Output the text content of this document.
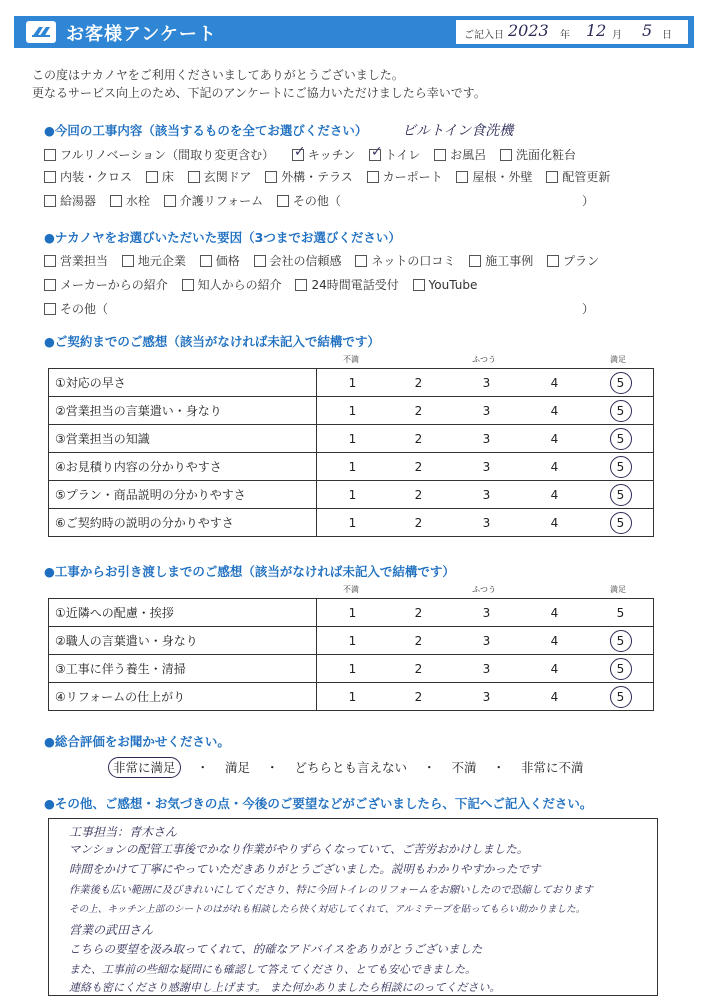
お客様アンケート	ご記入日 2023 年 12 月 5 日
この度はナカノヤをご利用くださいましてありがとうございました。
更なるサービス向上のため、下記のアンケートにご協力いただけましたら幸いです。
●今回の工事内容（該当するものを全てお選びください） ビルトイン食洗機
フルリノベーション（間取り変更含む） ✓ キッチン ✓ トイレ お風呂 洗面化粧台
内装・クロス 床 玄関ドア 外構・テラス カーポート 屋根・外壁 配管更新
給湯器 水栓 介護リフォーム その他（	）
●ナカノヤをお選びいただいた要因（3つまでお選びください）
営業担当 地元企業 価格 会社の信頼感 ネットの口コミ 施工事例 プラン
メーカーからの紹介 知人からの紹介 24時間電話受付 YouTube
その他（	）
●ご契約までのご感想（該当がなければ未記入で結構です）
不満	ふつう	満足
①対応の早さ	1 2 3 4 5

②営業担当の言葉遣い・身なり	1 2 3 4 5

③営業担当の知識	1 2 3 4 5

④お見積り内容の分かりやすさ	1 2 3 4 5

⑤プラン・商品説明の分かりやすさ	1 2 3 4 5

⑥ご契約時の説明の分かりやすさ	1 2 3 4 5
●工事からお引き渡しまでのご感想（該当がなければ未記入で結構です）
不満	ふつう	満足
①近隣への配慮・挨拶	1 2 3 4 5

②職人の言葉遣い・身なり	1 2 3 4 5

③工事に伴う養生・清掃	1 2 3 4 5

④リフォームの仕上がり	1 2 3 4 5
●総合評価をお聞かせください。
非常に満足 ・ 満足 ・ どちらとも言えない ・ 不満 ・ 非常に不満
●その他、ご感想・お気づきの点・今後のご要望などがございましたら、下記へご記入ください。
工事担当：青木さん
マンションの配管工事後でかなり作業がやりずらくなっていて、ご苦労おかけしました。
時間をかけて丁寧にやっていただきありがとうございました。説明もわかりやすかったです
作業後も広い範囲に及びきれいにしてくださり、特に今回トイレのリフォームをお願いしたので恐縮しております
その上、キッチン上部のシートのはがれも相談したら快く対応してくれて、アルミテープを貼ってもらい助かりました。
営業の武田さん
こちらの要望を汲み取ってくれて、的確なアドバイスをありがとうございました
また、工事前の些細な疑問にも確認して答えてくださり、とても安心できました。
連絡も密にくださり感謝申し上げます。 また何かありましたら相談にのってください。
